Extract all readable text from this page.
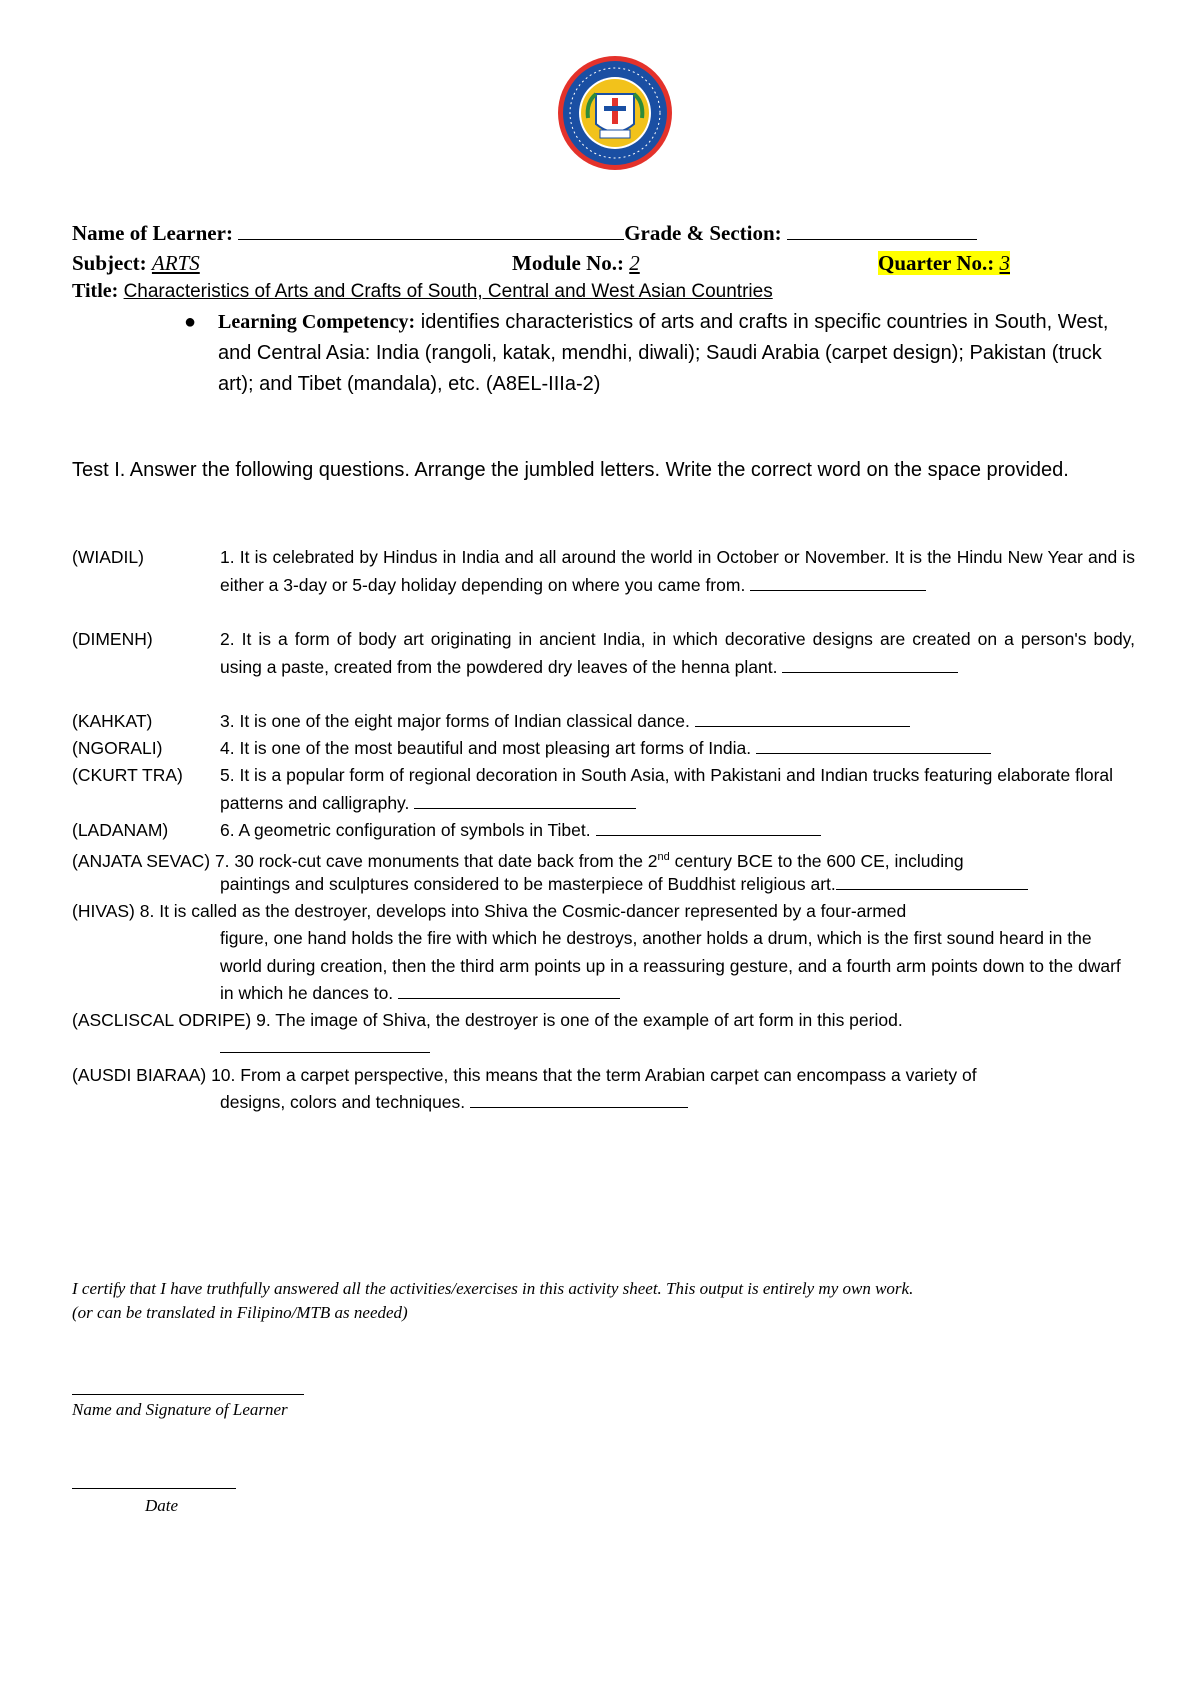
Name of Learner:	Grade & Section:
Subject: ARTS	Module No.: 2	Quarter No.: 3
Title: Characteristics of Arts and Crafts of South, Central and West Asian Countries
● Learning Competency: identifies characteristics of arts and crafts in specific countries in South, West, and Central Asia: India (rangoli, katak, mendhi, diwali); Saudi Arabia (carpet design); Pakistan (truck art); and Tibet (mandala), etc. (A8EL-IIIa-2)
Test I. Answer the following questions. Arrange the jumbled letters. Write the correct word on the space provided.
(WIADIL)	1. It is celebrated by Hindus in India and all around the world in October or November. It is the Hindu New Year and is either a 3-day or 5-day holiday depending on where you came from.
(DIMENH)	2. It is a form of body art originating in ancient India, in which decorative designs are created on a person's body, using a paste, created from the powdered dry leaves of the henna plant.
(KAHKAT)	3. It is one of the eight major forms of Indian classical dance.
(NGORALI)	4. It is one of the most beautiful and most pleasing art forms of India.
(CKURT TRA) 5. It is a popular form of regional decoration in South Asia, with Pakistani and Indian trucks featuring elaborate floral patterns and calligraphy.
(LADANAM)	6. A geometric configuration of symbols in Tibet.
(ANJATA SEVAC) 7. 30 rock-cut cave monuments that date back from the 2nd century BCE to the 600 CE, including
paintings and sculptures considered to be masterpiece of Buddhist religious art.
(HIVAS) 8. It is called as the destroyer, develops into Shiva the Cosmic-dancer represented by a four-armed
figure, one hand holds the fire with which he destroys, another holds a drum, which is the first sound heard in the world during creation, then the third arm points up in a reassuring gesture, and a fourth arm points down to the dwarf in which he dances to.
(ASCLISCAL ODRIPE) 9. The image of Shiva, the destroyer is one of the example of art form in this period.
(AUSDI BIARAA) 10. From a carpet perspective, this means that the term Arabian carpet can encompass a variety of
designs, colors and techniques.
I certify that I have truthfully answered all the activities/exercises in this activity sheet. This output is entirely my own work.
(or can be translated in Filipino/MTB as needed)
Name and Signature of Learner
Date
